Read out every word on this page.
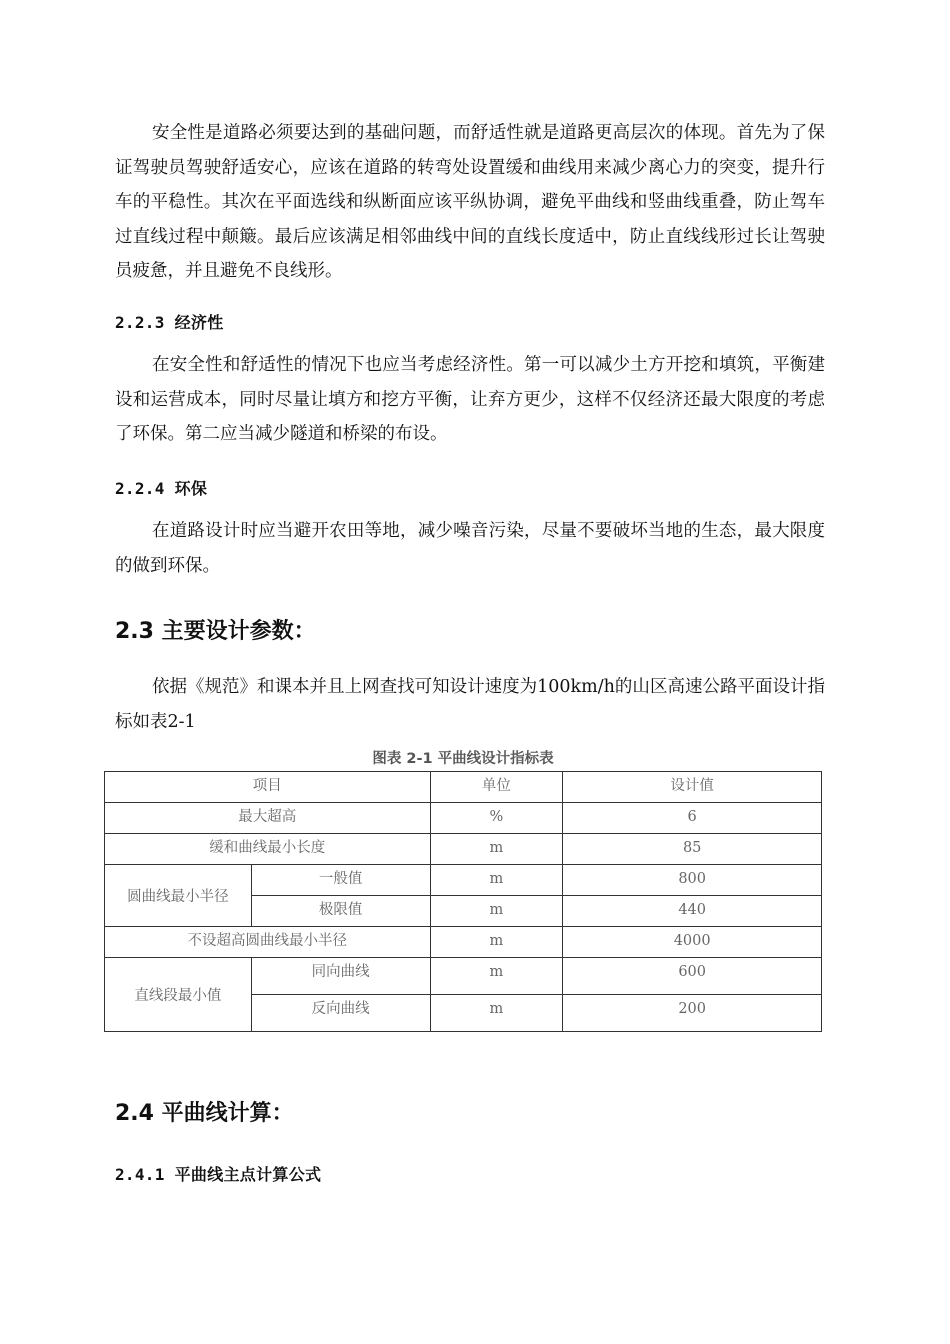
安全性是道路必须要达到的基础问题，而舒适性就是道路更高层次的体现。首先为了保证驾驶员驾驶舒适安心，应该在道路的转弯处设置缓和曲线用来减少离心力的突变，提升行车的平稳性。其次在平面选线和纵断面应该平纵协调，避免平曲线和竖曲线重叠，防止驾车过直线过程中颠簸。最后应该满足相邻曲线中间的直线长度适中，防止直线线形过长让驾驶员疲惫，并且避免不良线形。

2.2.3 经济性

在安全性和舒适性的情况下也应当考虑经济性。第一可以减少土方开挖和填筑，平衡建设和运营成本，同时尽量让填方和挖方平衡，让弃方更少，这样不仅经济还最大限度的考虑了环保。第二应当减少隧道和桥梁的布设。

2.2.4 环保

在道路设计时应当避开农田等地，减少噪音污染，尽量不要破坏当地的生态，最大限度的做到环保。

2.3 主要设计参数：

依据《规范》和课本并且上网查找可知设计速度为100km/h的山区高速公路平面设计指标如表2-1

图表 2-1 平曲线设计指标表

项目		单位	设计值
最大超高		%	6
缓和曲线最小长度		m	85
圆曲线最小半径	一般值	m	800
	极限值	m	440
不设超高圆曲线最小半径		m	4000
直线段最小值	同向曲线	m	600
	反向曲线	m	200
2.4 平曲线计算：
2.4.1 平曲线主点计算公式
